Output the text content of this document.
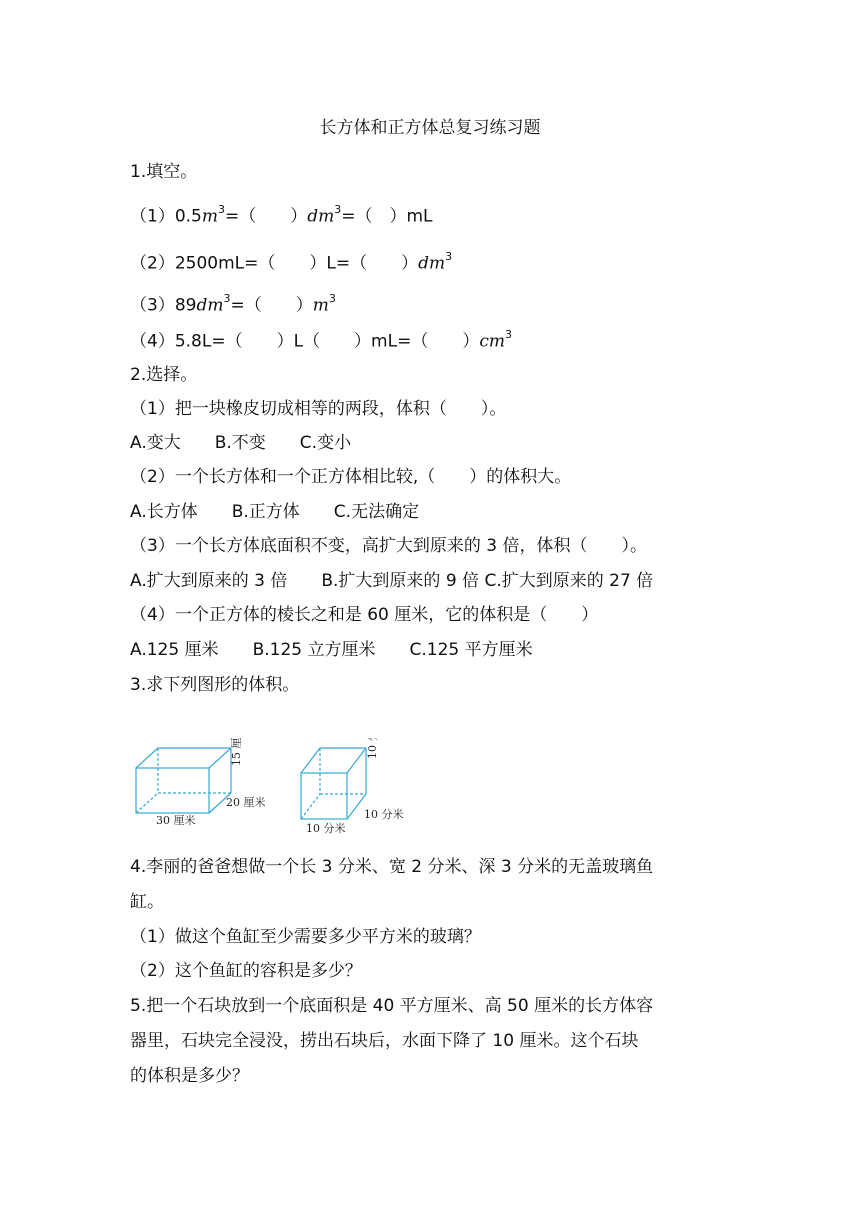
长方体和正方体总复习练习题
1.填空。
$(1)0.5m^3=$（　　）$dm^3=$（　）mL
（2）2500mL=（　　）L=（　　）$dm^3$
$(3)89dm^3=$（　　）$m^3$
（4）5.8L=（　　）L（　　）mL=（　　）$cm^3$
2.选择。
（1）把一块橡皮切成相等的两段，体积（　　）。
A.变大　　B.不变　　C.变小
（2）一个长方体和一个正方体相比较,（　　）的体积大。
A.长方体　　B.正方体　　C.无法确定
（3）一个长方体底面积不变，高扩大到原来的 3 倍，体积（　　）。
A.扩大到原来的 3 倍　　B.扩大到原来的 9 倍 C.扩大到原来的 27 倍
（4）一个正方体的棱长之和是 60 厘米，它的体积是（　　）
A.125 厘米　　B.125 立方厘米　　C.125 平方厘米
3.求下列图形的体积。
15 厘米
20 厘米
30 厘米
10 分米
10 分米
10 分米
4.李丽的爸爸想做一个长 3 分米、宽 2 分米、深 3 分米的无盖玻璃鱼
缸。
（1）做这个鱼缸至少需要多少平方米的玻璃？
（2）这个鱼缸的容积是多少？
5.把一个石块放到一个底面积是 40 平方厘米、高 50 厘米的长方体容
器里，石块完全浸没，捞出石块后，水面下降了 10 厘米。这个石块
的体积是多少？
